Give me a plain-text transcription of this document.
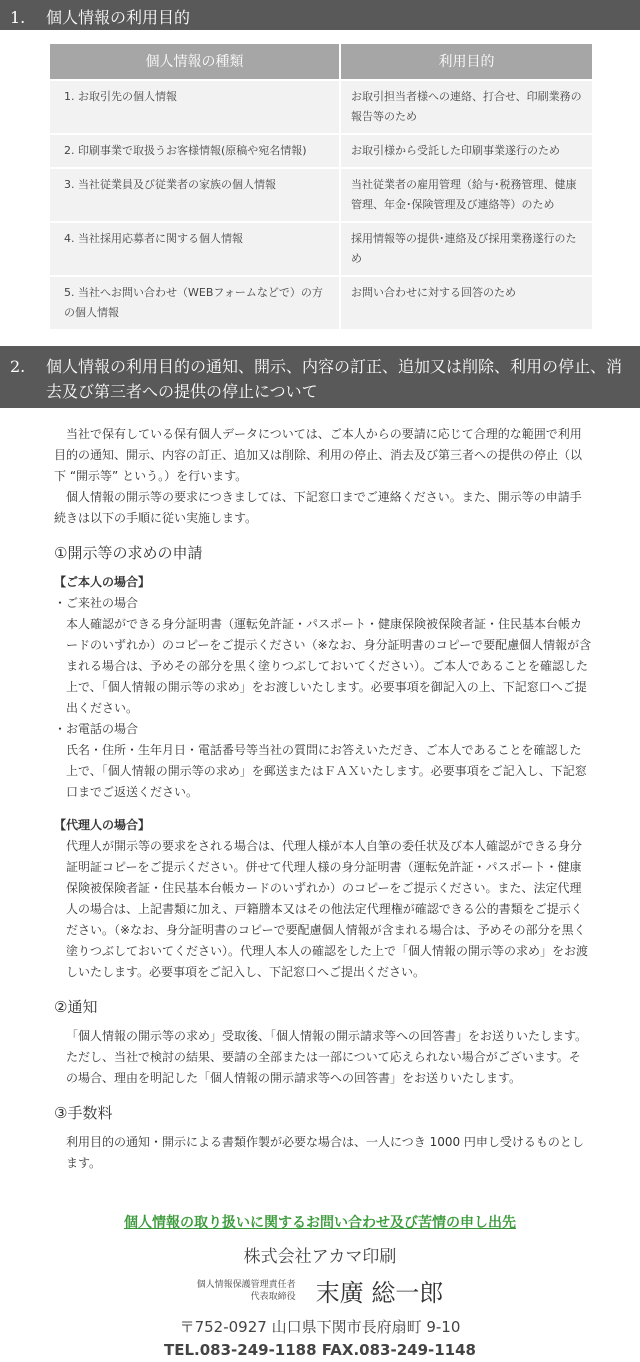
1. 個人情報の利用目的
個人情報の種類	利用目的
1. お取引先の個人情報	お取引担当者様への連絡、打合せ、印刷業務の報告等のため
2. 印刷事業で取扱うお客様情報(原稿や宛名情報)	お取引様から受託した印刷事業遂行のため
3. 当社従業員及び従業者の家族の個人情報	当社従業者の雇用管理（給与･税務管理、健康管理、年金･保険管理及び連絡等）のため
4. 当社採用応募者に関する個人情報	採用情報等の提供･連絡及び採用業務遂行のため
5. 当社へお問い合わせ（WEBフォームなどで）の方の個人情報	お問い合わせに対する回答のため
2.	個人情報の利用目的の通知、開示、内容の訂正、追加又は削除、利用の停止、消去及び第三者への提供の停止について

当社で保有している保有個人データについては、ご本人からの要請に応じて合理的な範囲で利用目的の通知、開示、内容の訂正、追加又は削除、利用の停止、消去及び第三者への提供の停止（以下 “開示等” という。）を行います。

個人情報の開示等の要求につきましては、下記窓口までご連絡ください。また、開示等の申請手続きは以下の手順に従い実施します。

①開示等の求めの申請
【ご本人の場合】
・ご来社の場合

本人確認ができる身分証明書（運転免許証・パスポート・健康保険被保険者証・住民基本台帳カードのいずれか）のコピーをご提示ください（※なお、身分証明書のコピーで要配慮個人情報が含まれる場合は、予めその部分を黒く塗りつぶしておいてください）。ご本人であることを確認した上で、「個人情報の開示等の求め」をお渡しいたします。必要事項を御記入の上、下記窓口へご提出ください。

・お電話の場合

氏名・住所・生年月日・電話番号等当社の質問にお答えいただき、ご本人であることを確認した上で、「個人情報の開示等の求め」を郵送またはＦＡＸいたします。必要事項をご記入し、下記窓口までご返送ください。

【代理人の場合】

代理人が開示等の要求をされる場合は、代理人様が本人自筆の委任状及び本人確認ができる身分証明証コピーをご提示ください。併せて代理人様の身分証明書（運転免許証・パスポート・健康保険被保険者証・住民基本台帳カードのいずれか）のコピーをご提示ください。また、法定代理人の場合は、上記書類に加え、戸籍謄本又はその他法定代理権が確認できる公的書類をご提示ください。（※なお、身分証明書のコピーで要配慮個人情報が含まれる場合は、予めその部分を黒く塗りつぶしておいてください）。代理人本人の確認をした上で「個人情報の開示等の求め」をお渡しいたします。必要事項をご記入し、下記窓口へご提出ください。

②通知

「個人情報の開示等の求め」受取後、「個人情報の開示請求等への回答書」をお送りいたします。ただし、当社で検討の結果、要請の全部または一部について応えられない場合がございます。その場合、理由を明記した「個人情報の開示請求等への回答書」をお送りいたします。

③手数料

利用目的の通知・開示による書類作製が必要な場合は、一人につき 1000 円申し受けるものとします。

個人情報の取り扱いに関するお問い合わせ及び苦情の申し出先
株式会社アカマ印刷
個人情報保護管理責任者
代表取締役 末廣 総一郎
〒752-0927 山口県下関市長府扇町 9-10
TEL.083-249-1188 FAX.083-249-1148
